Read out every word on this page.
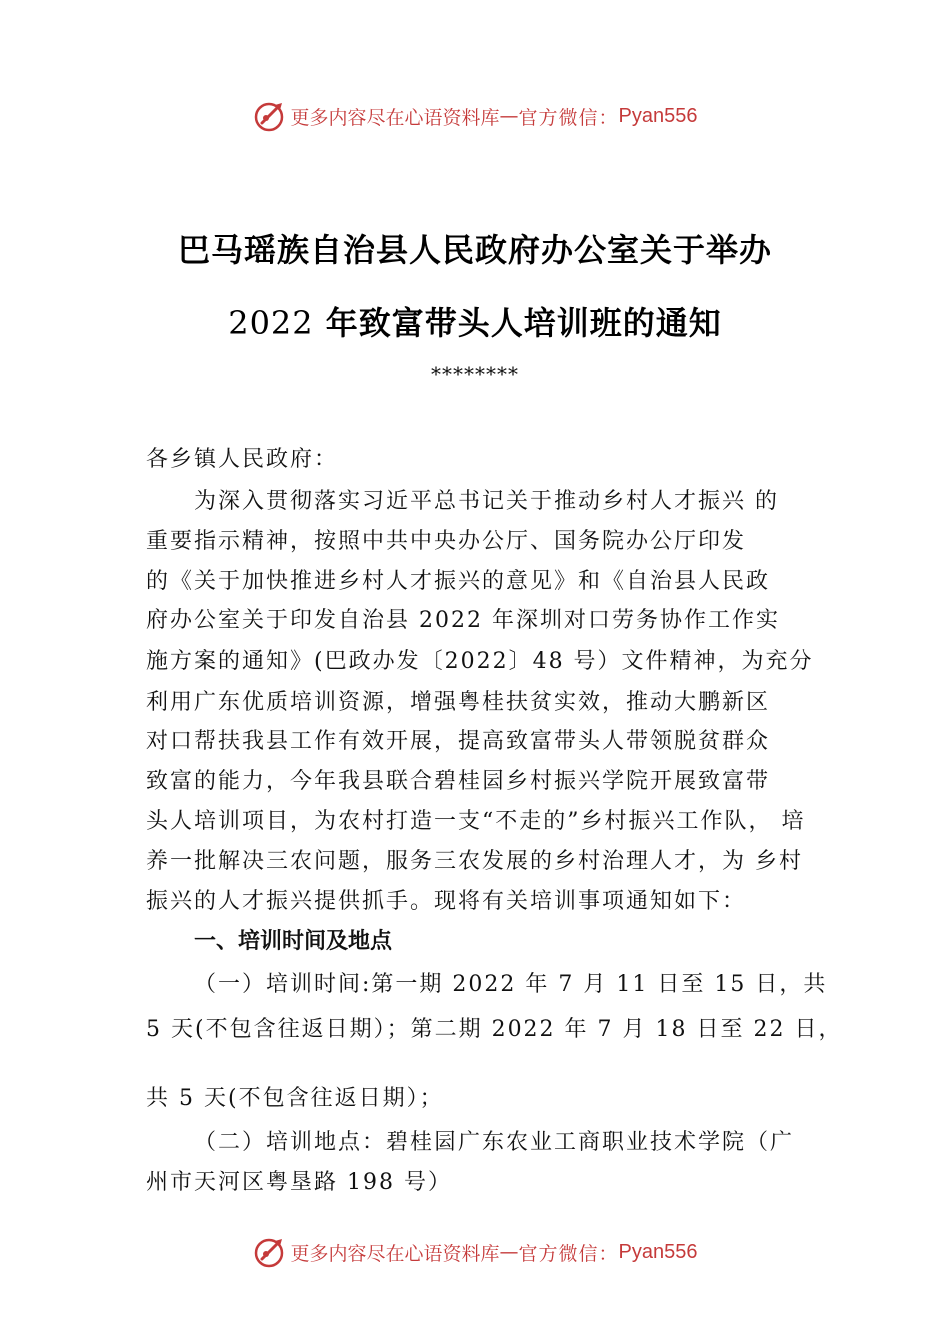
更多内容尽在心语资料库 — 官方微信： Pyan556
巴马瑶族自治县人民政府办公室关于举办
2022 年致富带头人培训班的通知
********
各乡镇人民政府：
为深入贯彻落实习近平总书记关于推动乡村人才振兴 的
重要指示精神，按照中共中央办公厅、国务院办公厅印发
的《关于加快推进乡村人才振兴的意见》和《自治县人民政
府办公室关于印发自治县 2022 年深圳对口劳务协作工作实
施方案的通知》(巴政办发〔2022〕48 号）文件精神，为充分
利用广东优质培训资源，增强粤桂扶贫实效，推动大鹏新区
对口帮扶我县工作有效开展，提高致富带头人带领脱贫群众
致富的能力，今年我县联合碧桂囩乡村振兴学院开展致富带
头人培训项目，为农村打造一支“不走的”乡村振兴工作队， 培
养一批解决三农问题，服务三农发展的乡村治理人才，为 乡村
振兴的人才振兴提供抓手。现将有关培训事项通知如下：
一、培训时间及地点
（一）培训时间:第一期 2022 年 7 月 11 日至 15 日，共
5 天(不包含往返日期）；第二期 2022 年 7 月 18 日至 22 日，
共 5 天(不包含往返日期）；
（二）培训地点：碧桂囩广东农业工商职业技术学院（广
州市天河区粤垦路 198 号）
更多内容尽在心语资料库 — 官方微信： Pyan556
